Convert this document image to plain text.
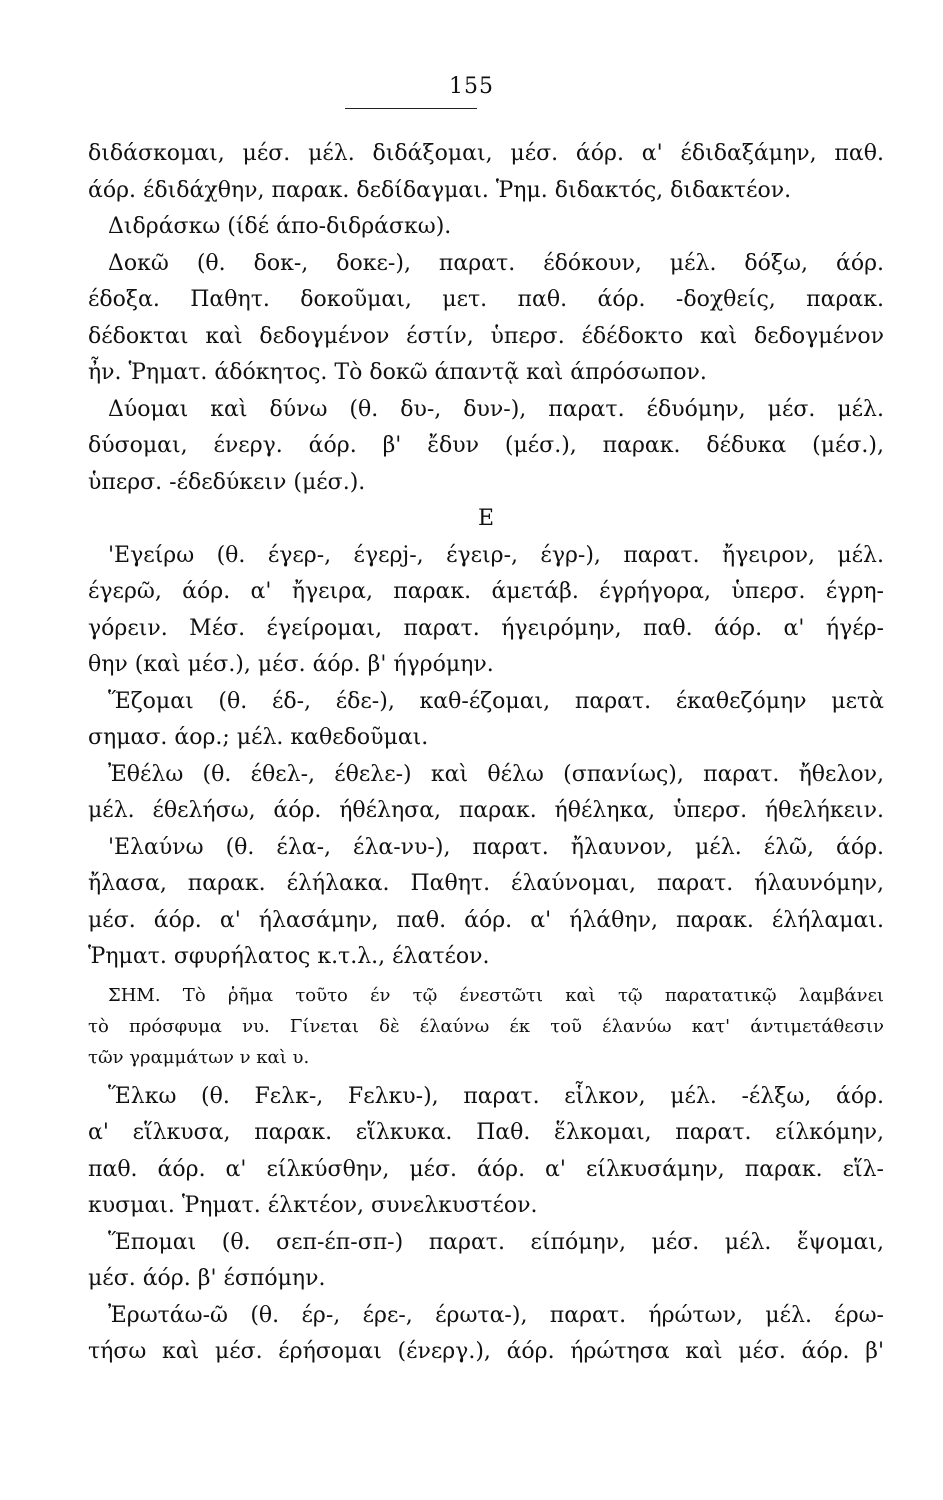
155
διδάσκομαι, μέσ. μέλ. διδάξομαι, μέσ. άόρ. α' έδιδαξάμην, παθ.
άόρ. έδιδάχθην, παρακ. δεδίδαγμαι. Ῥημ. διδακτός, διδακτέον.
Διδράσκω (ίδέ άπο-διδράσκω).
Δοκῶ (θ. δοκ-, δοκε-), παρατ. έδόκουν, μέλ. δόξω, άόρ.
έδοξα. Παθητ. δοκοῦμαι, μετ. παθ. άόρ. -δοχθείς, παρακ.
δέδοκται καὶ δεδογμένον έστίν, ὑπερσ. έδέδοκτο καὶ δεδογμένον
ἦν. Ῥηματ. άδόκητος. Τὸ δοκῶ άπαντᾷ καὶ άπρόσωπον.
Δύομαι καὶ δύνω (θ. δυ-, δυν-), παρατ. έδυόμην, μέσ. μέλ.
δύσομαι, ένεργ. άόρ. β' ἔδυν (μέσ.), παρακ. δέδυκα (μέσ.),
ὑπερσ. -έδεδύκειν (μέσ.).
Ε
'Εγείρω (θ. έγερ-, έγερj-, έγειρ-, έγρ-), παρατ. ἤγειρον, μέλ.
έγερῶ, άόρ. α' ἤγειρα, παρακ. άμετάβ. έγρήγορα, ὑπερσ. έγρη-
γόρειν. Μέσ. έγείρομαι, παρατ. ήγειρόμην, παθ. άόρ. α' ήγέρ-
θην (καὶ μέσ.), μέσ. άόρ. β' ήγρόμην.
Ἕζομαι (θ. έδ-, έδε-), καθ-έζομαι, παρατ. έκαθεζόμην μετὰ
σημασ. άορ.; μέλ. καθεδοῦμαι.
Ἐθέλω (θ. έθελ-, έθελε-) καὶ θέλω (σπανίως), παρατ. ἤθελον,
μέλ. έθελήσω, άόρ. ήθέλησα, παρακ. ήθέληκα, ὑπερσ. ήθελήκειν.
'Ελαύνω (θ. έλα-, έλα-νυ-), παρατ. ἤλαυνον, μέλ. έλῶ, άόρ.
ἤλασα, παρακ. έλήλακα. Παθητ. έλαύνομαι, παρατ. ήλαυνόμην,
μέσ. άόρ. α' ήλασάμην, παθ. άόρ. α' ήλάθην, παρακ. έλήλαμαι.
Ῥηματ. σφυρήλατος κ.τ.λ., έλατέον.
ΣΗΜ. Τὸ ῥῆμα τοῦτο έν τῷ ένεστῶτι καὶ τῷ παρατατικῷ λαμβάνει
τὸ πρόσφυμα νυ. Γίνεται δὲ έλαύνω έκ τοῦ έλανύω κατ' άντιμετάθεσιν
τῶν γραμμάτων ν καὶ υ.
Ἕλκω (θ. Fελκ-, Fελκυ-), παρατ. εἷλκον, μέλ. -έλξω, άόρ.
α' εἵλκυσα, παρακ. εἵλκυκα. Παθ. ἕλκομαι, παρατ. είλκόμην,
παθ. άόρ. α' είλκύσθην, μέσ. άόρ. α' είλκυσάμην, παρακ. εἵλ-
κυσμαι. Ῥηματ. έλκτέον, συνελκυστέον.
Ἕπομαι (θ. σεπ-έπ-σπ-) παρατ. είπόμην, μέσ. μέλ. ἕψομαι,
μέσ. άόρ. β' έσπόμην.
Ἐρωτάω-ῶ (θ. έρ-, έρε-, έρωτα-), παρατ. ήρώτων, μέλ. έρω-
τήσω καὶ μέσ. έρήσομαι (ένεργ.), άόρ. ήρώτησα καὶ μέσ. άόρ. β'
